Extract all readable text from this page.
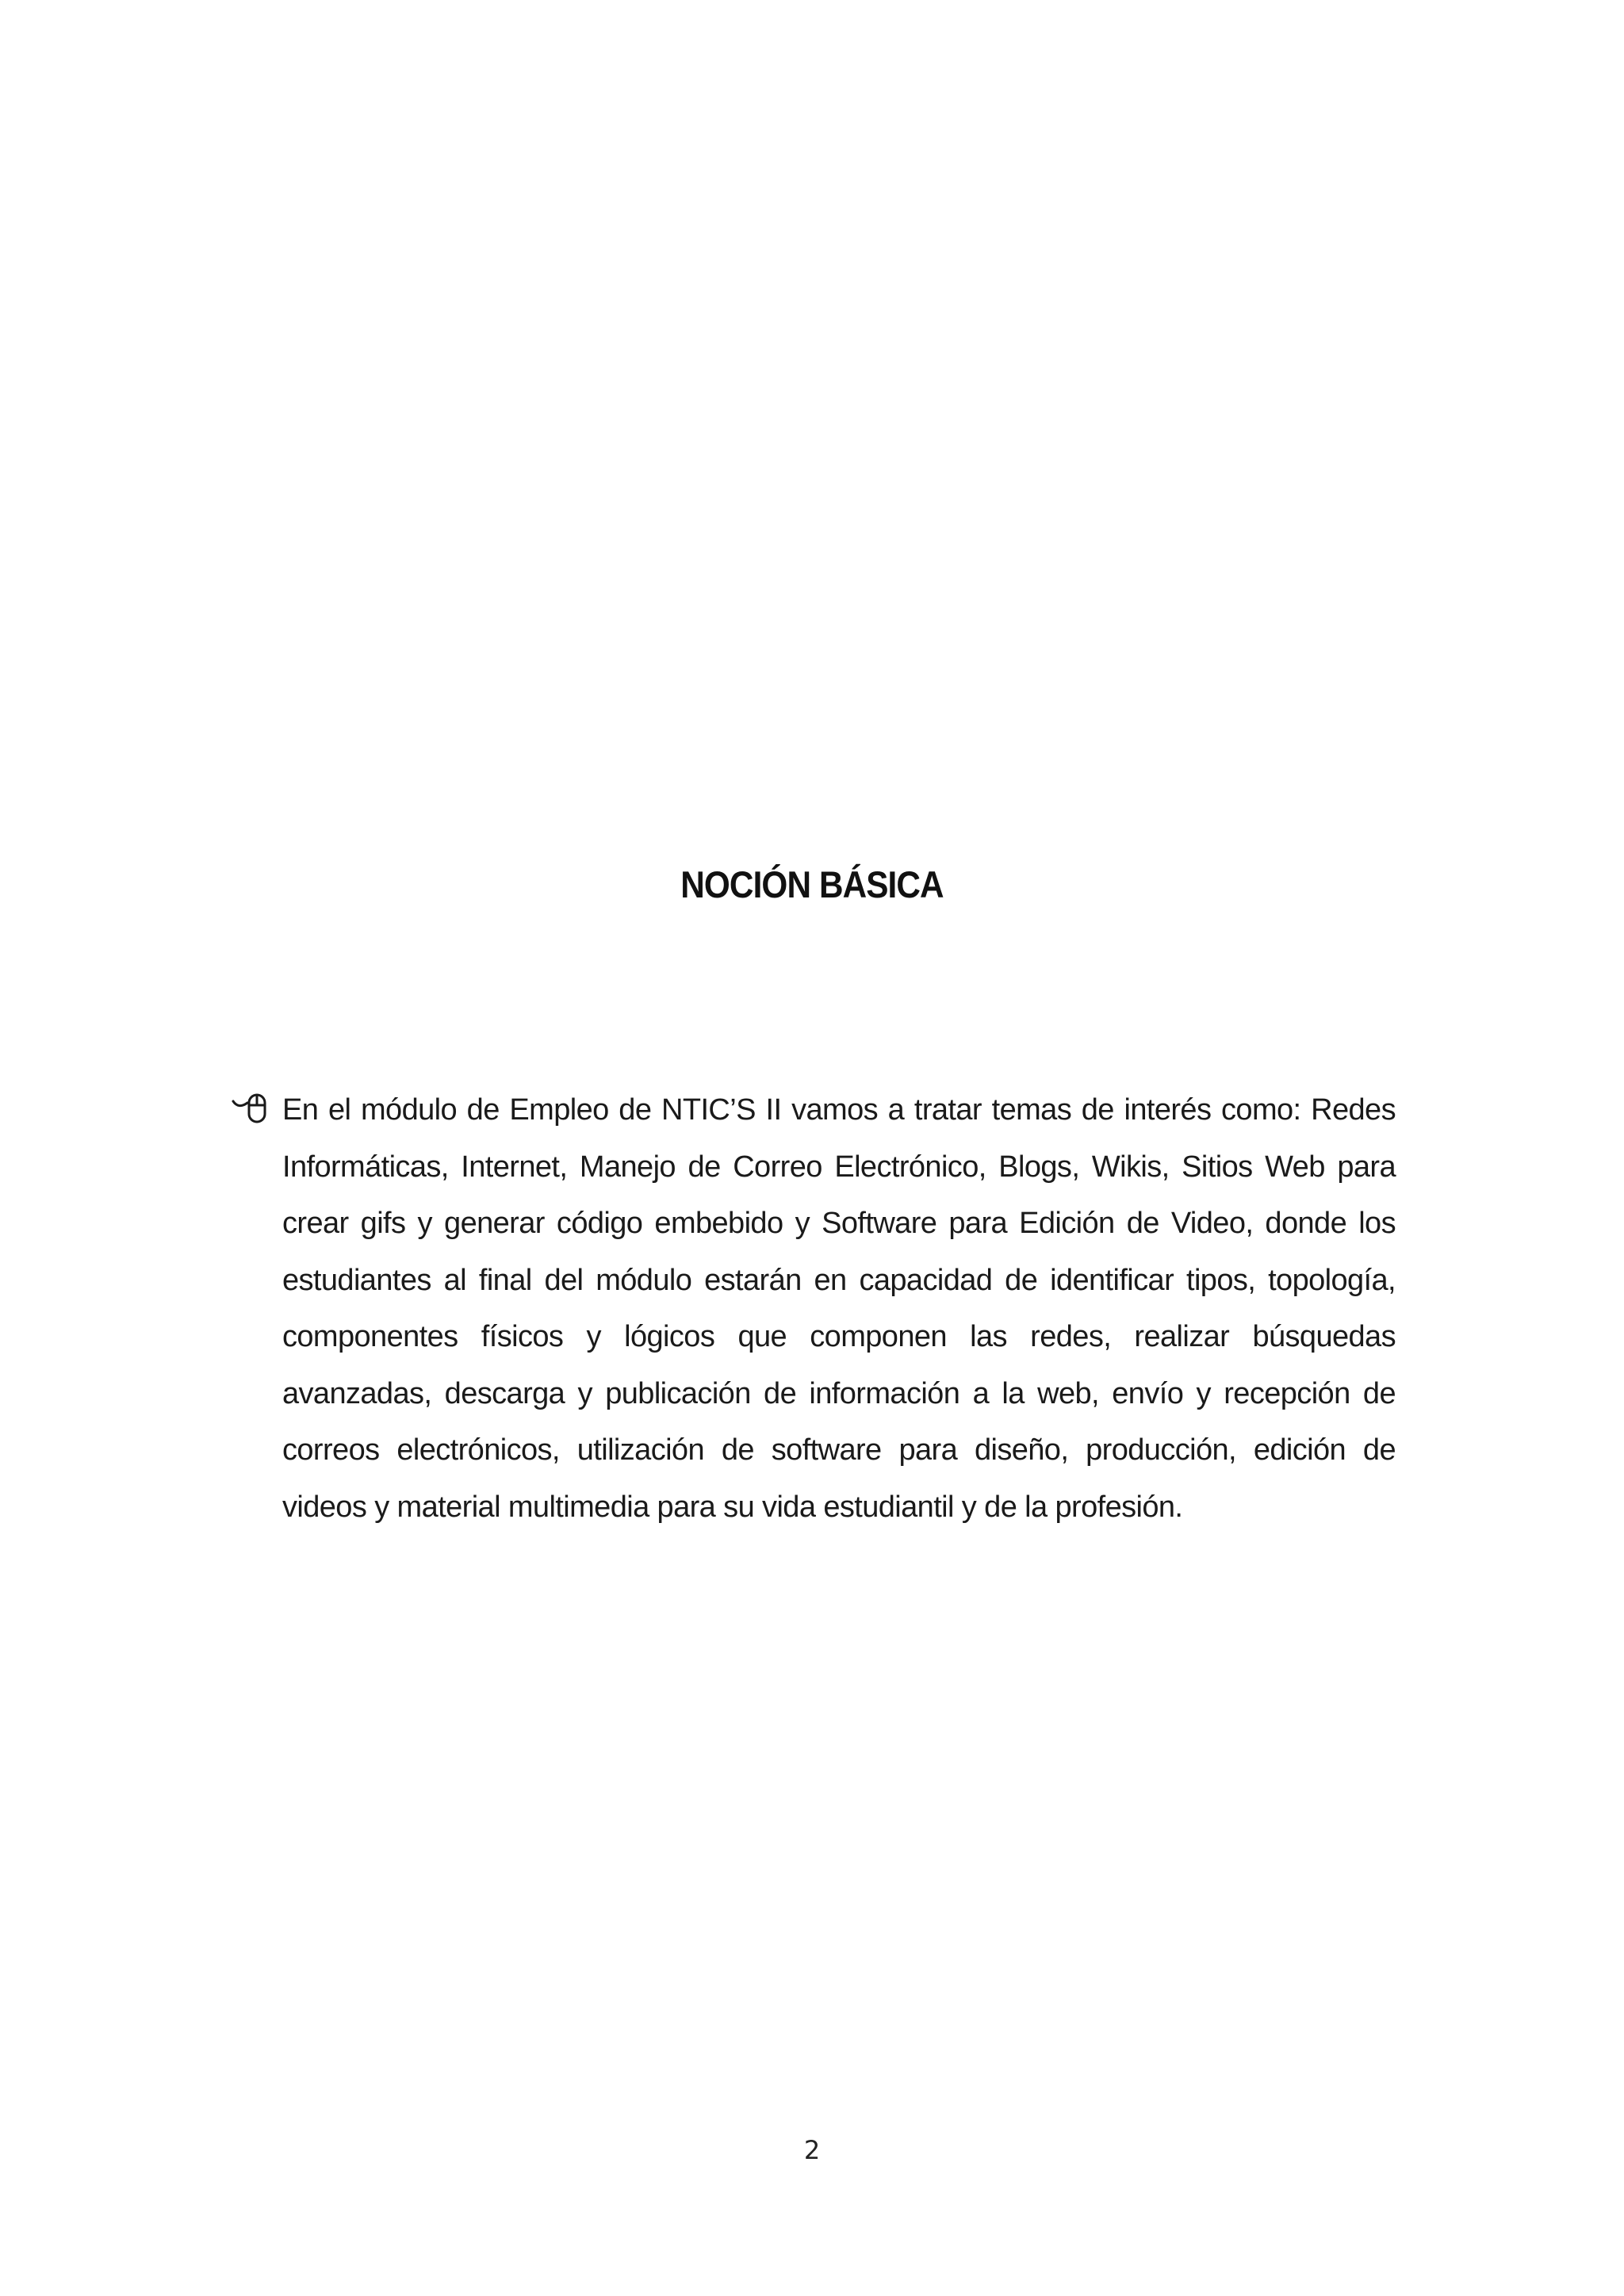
NOCIÓN BÁSICA

En el módulo de Empleo de NTIC’S II vamos a tratar temas de interés como: Redes Informáticas, Internet, Manejo de Correo Electrónico, Blogs, Wikis, Sitios Web para crear gifs y generar código embebido y Software para Edición de Video, donde los estudiantes al final del módulo estarán en capacidad de identificar tipos, topología, componentes físicos y lógicos que componen las redes, realizar búsquedas avanzadas, descarga y publicación de información a la web, envío y recepción de correos electrónicos, utilización de software para diseño, producción, edición de videos y material multimedia para su vida estudiantil y de la profesión.

2
